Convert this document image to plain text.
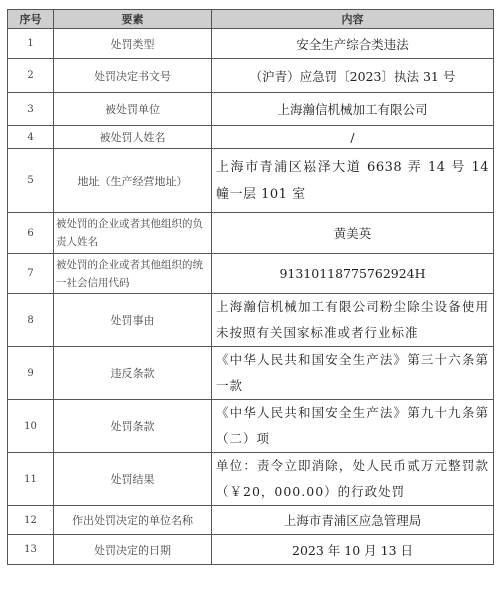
序号	要素	内容
1	处罚类型	安全生产综合类违法
2	处罚决定书文号	（沪青）应急罚〔2023〕执法 31 号
3	被处罚单位	上海瀚信机械加工有限公司
4	被处罚人姓名	/
5	地址（生产经营地址）	上海市青浦区崧泽大道 6638 弄 14 号 14 幢一层 101 室
6	被处罚的企业或者其他组织的负责人姓名	黄美英
7	被处罚的企业或者其他组织的统一社会信用代码	91310118775762924H
8	处罚事由	上海瀚信机械加工有限公司粉尘除尘设备使用未按照有关国家标准或者行业标准
9	违反条款	《中华人民共和国安全生产法》第三十六条第一款
10	处罚条款	《中华人民共和国安全生产法》第九十九条第（二）项
11	处罚结果	单位：责令立即消除，处人民币贰万元整罚款（￥20，000.00）的行政处罚
12	作出处罚决定的单位名称	上海市青浦区应急管理局
13	处罚决定的日期	2023 年 10 月 13 日
